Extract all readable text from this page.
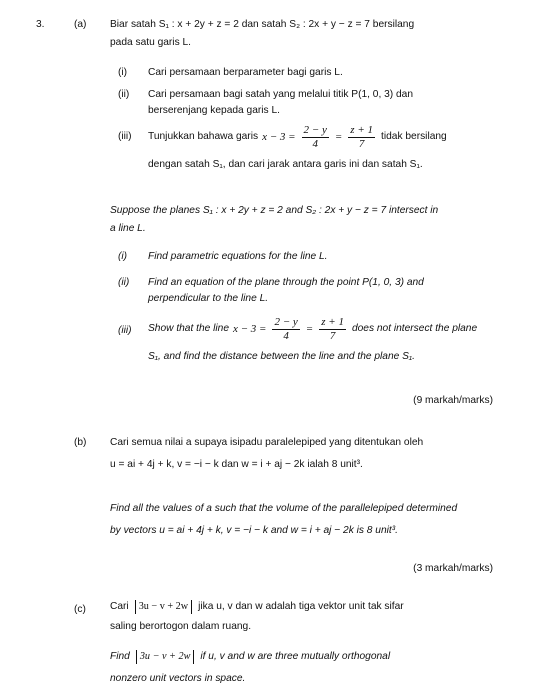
3.	(a) Biar satah S₁ : x + 2y + z = 2 dan satah S₂ : 2x + y − z = 7 bersilang
pada satu garis L.
(i) Cari persamaan berparameter bagi garis L.
(ii) Cari persamaan bagi satah yang melalui titik P(1, 0, 3) dan
berserenjang kepada garis L.
(iii) Tunjukkan bahawa garis $x - 3 = \frac{2 - y}{4} = \frac{z + 1}{7}$ tidak bersilang
dengan satah S₁, dan cari jarak antara garis ini dan satah S₁.
Suppose the planes S₁ : x + 2y + z = 2 and S₂ : 2x + y − z = 7 intersect in
a line L.
(i) Find parametric equations for the line L.
(ii) Find an equation of the plane through the point P(1, 0, 3) and
perpendicular to the line L.
(iii) Show that the line $x - 3 = \frac{2 - y}{4} = \frac{z + 1}{7}$ does not intersect the plane
S₁, and find the distance between the line and the plane S₁.
(9 markah/marks)
(b) Cari semua nilai a supaya isipadu paralelepiped yang ditentukan oleh
u = ai + 4j + k, v = −i − k dan w = i + aj − 2k ialah 8 unit³.
Find all the values of a such that the volume of the parallelepiped determined
by vectors u = ai + 4j + k, v = −i − k and w = i + aj − 2k is 8 unit³.
(3 markah/marks)
(c) Cari 3u − v + 2w jika u, v dan w adalah tiga vektor unit tak sifar
saling berortogon dalam ruang.
Find 3u − v + 2w if u, v and w are three mutually orthogonal
nonzero unit vectors in space.
